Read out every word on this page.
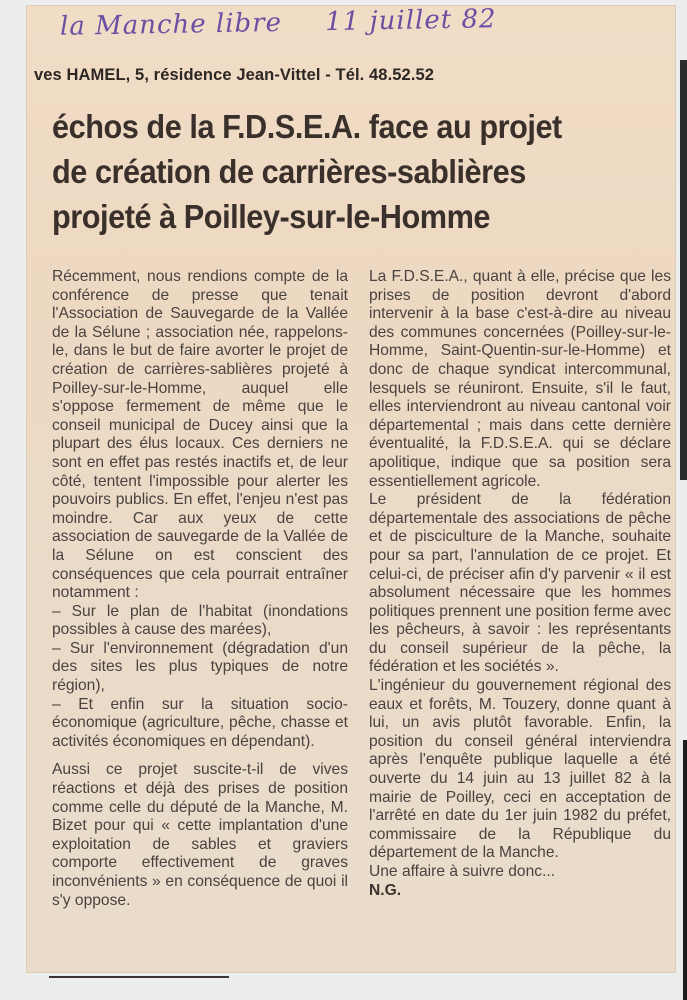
la Manche libre 11 juillet 82
ves HAMEL, 5, résidence Jean-Vittel - Tél. 48.52.52
échos de la F.D.S.E.A. face au projet
de création de carrières-sablières
projeté à Poilley-sur-le-Homme

Récemment, nous rendions compte de la conférence de presse que tenait l'Association de Sauvegarde de la Vallée de la Sélune ; association née, rappelons-le, dans le but de faire avorter le projet de création de carrières-sablières projeté à Poilley-sur-le-Homme, auquel elle s'oppose fermement de même que le conseil municipal de Ducey ainsi que la plupart des élus locaux. Ces derniers ne sont en effet pas restés inactifs et, de leur côté, tentent l'impossible pour alerter les pouvoirs publics. En effet, l'enjeu n'est pas moindre. Car aux yeux de cette association de sauvegarde de la Vallée de la Sélune on est conscient des conséquences que cela pourrait entraîner notamment :

– Sur le plan de l'habitat (inondations possibles à cause des marées),

– Sur l'environnement (dégradation d'un des sites les plus typiques de notre région),

– Et enfin sur la situation socio-économique (agriculture, pêche, chasse et activités économiques en dépendant).

Aussi ce projet suscite-t-il de vives réactions et déjà des prises de position comme celle du député de la Manche, M. Bizet pour qui « cette implantation d'une exploitation de sables et graviers comporte effectivement de graves inconvénients » en conséquence de quoi il s'y oppose.

La F.D.S.E.A., quant à elle, précise que les prises de position devront d'abord intervenir à la base c'est-à-dire au niveau des communes concernées (Poilley-sur-le-Homme, Saint-Quentin-sur-le-Homme) et donc de chaque syndicat intercommunal, lesquels se réuniront. Ensuite, s'il le faut, elles interviendront au niveau cantonal voir départemental ; mais dans cette dernière éventualité, la F.D.S.E.A. qui se déclare apolitique, indique que sa position sera essentiellement agricole.

Le président de la fédération départementale des associations de pêche et de pisciculture de la Manche, souhaite pour sa part, l'annulation de ce projet. Et celui-ci, de préciser afin d'y parvenir « il est absolument nécessaire que les hommes politiques prennent une position ferme avec les pêcheurs, à savoir : les représentants du conseil supérieur de la pêche, la fédération et les sociétés ».

L'ingénieur du gouvernement régional des eaux et forêts, M. Touzery, donne quant à lui, un avis plutôt favorable. Enfin, la position du conseil général interviendra après l'enquête publique laquelle a été ouverte du 14 juin au 13 juillet 82 à la mairie de Poilley, ceci en acceptation de l'arrêté en date du 1er juin 1982 du préfet, commissaire de la République du département de la Manche.

Une affaire à suivre donc...

N.G.
